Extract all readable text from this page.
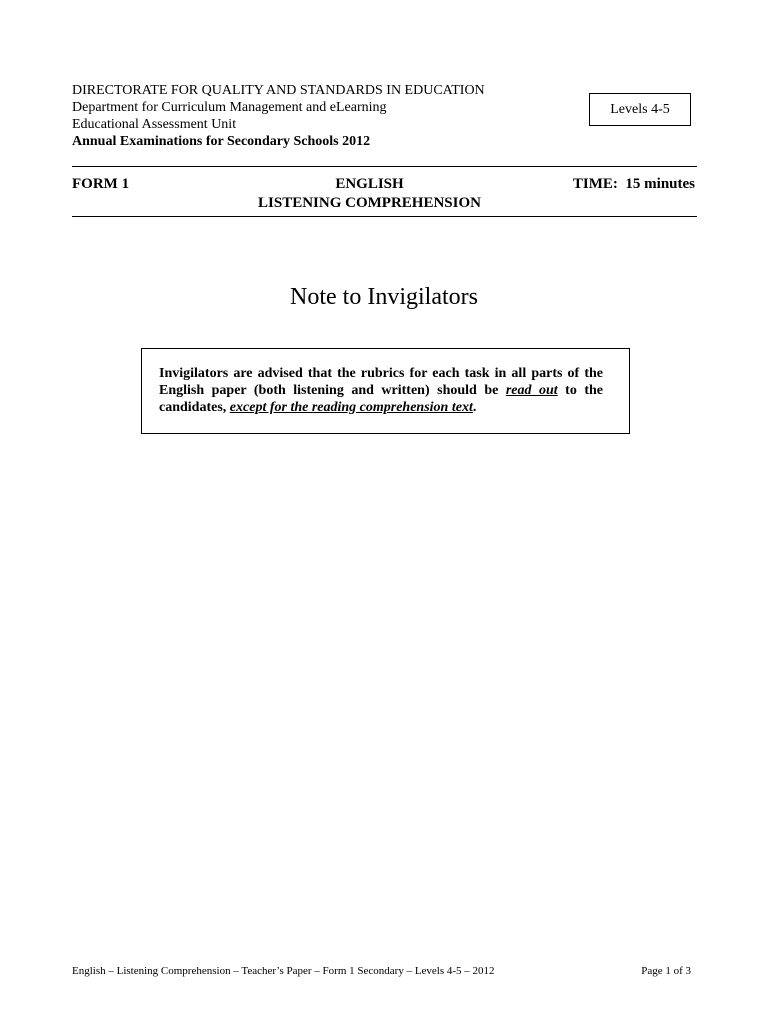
DIRECTORATE FOR QUALITY AND STANDARDS IN EDUCATION
Department for Curriculum Management and eLearning
Educational Assessment Unit
Annual Examinations for Secondary Schools 2012
Levels 4-5
FORM 1	ENGLISH
LISTENING COMPREHENSION
TIME:  15 minutes
Note to Invigilators
Invigilators are advised that the rubrics for each task in all parts of the English paper (both listening and written) should be read out to the candidates, except for the reading comprehension text.
English – Listening Comprehension – Teacher’s Paper – Form 1 Secondary – Levels 4-5 – 2012	Page 1 of 3
